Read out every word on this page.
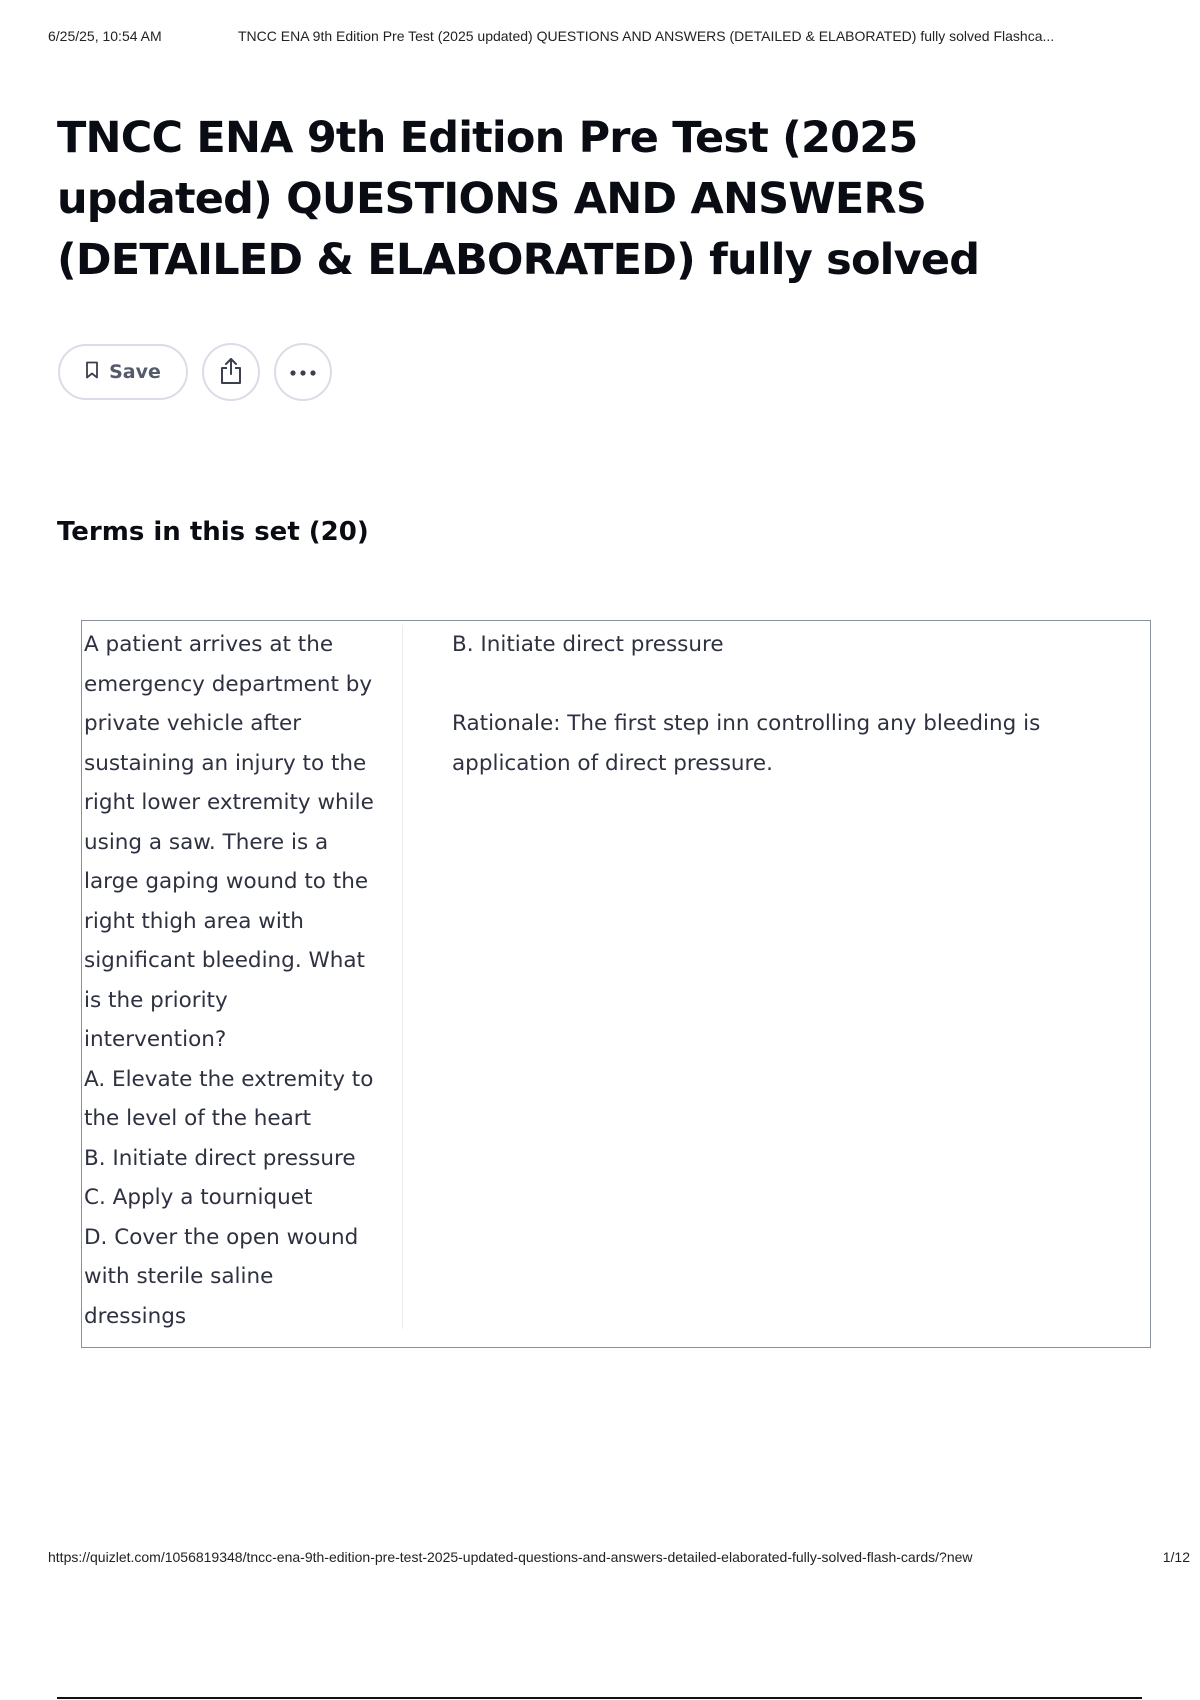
6/25/25, 10:54 AM	TNCC ENA 9th Edition Pre Test (2025 updated) QUESTIONS AND ANSWERS (DETAILED & ELABORATED) fully solved Flashca...
TNCC ENA 9th Edition Pre Test (2025 updated) QUESTIONS AND ANSWERS (DETAILED & ELABORATED) fully solved
Save
Terms in this set (20)
A patient arrives at the
emergency department by
private vehicle after
sustaining an injury to the
right lower extremity while
using a saw. There is a
large gaping wound to the
right thigh area with
significant bleeding. What
is the priority
intervention?
A. Elevate the extremity to
the level of the heart
B. Initiate direct pressure
C. Apply a tourniquet
D. Cover the open wound
with sterile saline
dressings
B. Initiate direct pressure

Rationale: The first step inn controlling any bleeding is
application of direct pressure.
https://quizlet.com/1056819348/tncc-ena-9th-edition-pre-test-2025-updated-questions-and-answers-detailed-elaborated-fully-solved-flash-cards/?new	1/12
